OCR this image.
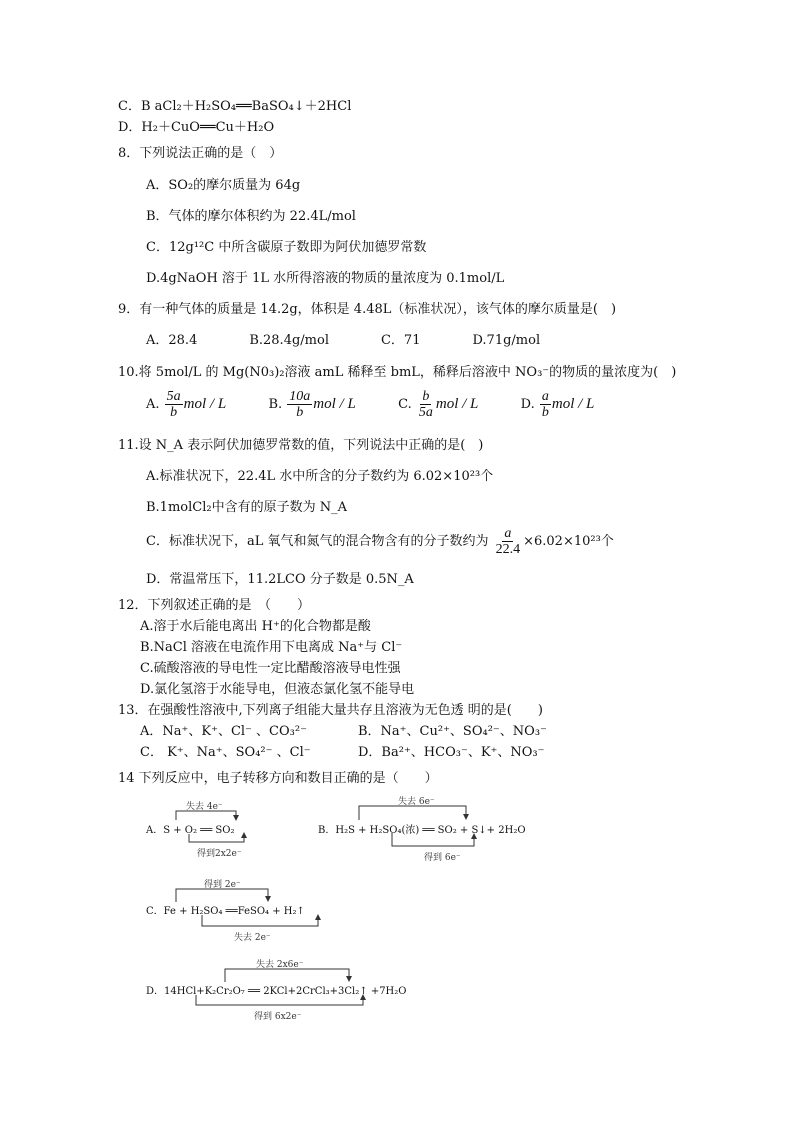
C．B aCl₂＋H₂SO₄══BaSO₄↓＋2HCl
D．H₂＋CuO══Cu＋H₂O
8．下列说法正确的是（　）
A．SO₂的摩尔质量为 64g
B．气体的摩尔体积约为 22.4L/mol
C．12g¹²C 中所含碳原子数即为阿伏加德罗常数
D.4gNaOH 溶于 1L 水所得溶液的物质的量浓度为 0.1mol/L
9．有一种气体的质量是 14.2g，体积是 4.48L（标准状况），该气体的摩尔质量是(　)
A．28.4　　　　B.28.4g/mol　　　　C．71　　　　D.71g/mol
10.将 5mol/L 的 Mg(N0₃)₂溶液 amL 稀释至 bmL，稀释后溶液中 NO₃⁻的物质的量浓度为(　)
A. $\frac{5a}{b}$ mol / L	B. $\frac{10a}{b}$ mol / L	C. $\frac{b}{5a}$ mol / L	D. $\frac{a}{b}$ mol / L
11.设 N_A 表示阿伏加德罗常数的值，下列说法中正确的是(　)
A.标准状况下，22.4L 水中所含的分子数约为 6.02×10²³个
B.1molCl₂中含有的原子数为 N_A
C．标准状况下，aL 氧气和氮气的混合物含有的分子数约为 $\frac{a}{22.4} \times 6.02\times 10^{23}$个
D．常温常压下，11.2LCO 分子数是 0.5N_A
12．下列叙述正确的是　（　　）
A.溶于水后能电离出 H⁺的化合物都是酸
B.NaCl 溶液在电流作用下电离成 Na⁺与 Cl⁻
C.硫酸溶液的导电性一定比醋酸溶液导电性强
D.氯化氢溶于水能导电，但液态氯化氢不能导电
13．在强酸性溶液中,下列离子组能大量共存且溶液为无色透 明的是(　　)
A．Na⁺、K⁺、Cl⁻ 、CO₃²⁻	B．Na⁺、Cu²⁺、SO₄²⁻、NO₃⁻
C． K⁺、Na⁺、SO₄²⁻ 、Cl⁻	D．Ba²⁺、HCO₃⁻、K⁺、NO₃⁻
14 下列反应中，电子转移方向和数目正确的是（　　）
失去 4e⁻
A．S + O₂ ══ SO₂
得到2x2e⁻
失去 6e⁻
B．H₂S + H₂SO₄(浓) ══ SO₂ + S↓+ 2H₂O
得到 6e⁻
得到 2e⁻
C．Fe + H₂SO₄ ══FeSO₄ + H₂↑
失去 2e⁻
失去 2x6e⁻
D．14HCl+K₂Cr₂O₇ ══ 2KCl+2CrCl₃+3Cl₂↑ +7H₂O
得到 6x2e⁻
